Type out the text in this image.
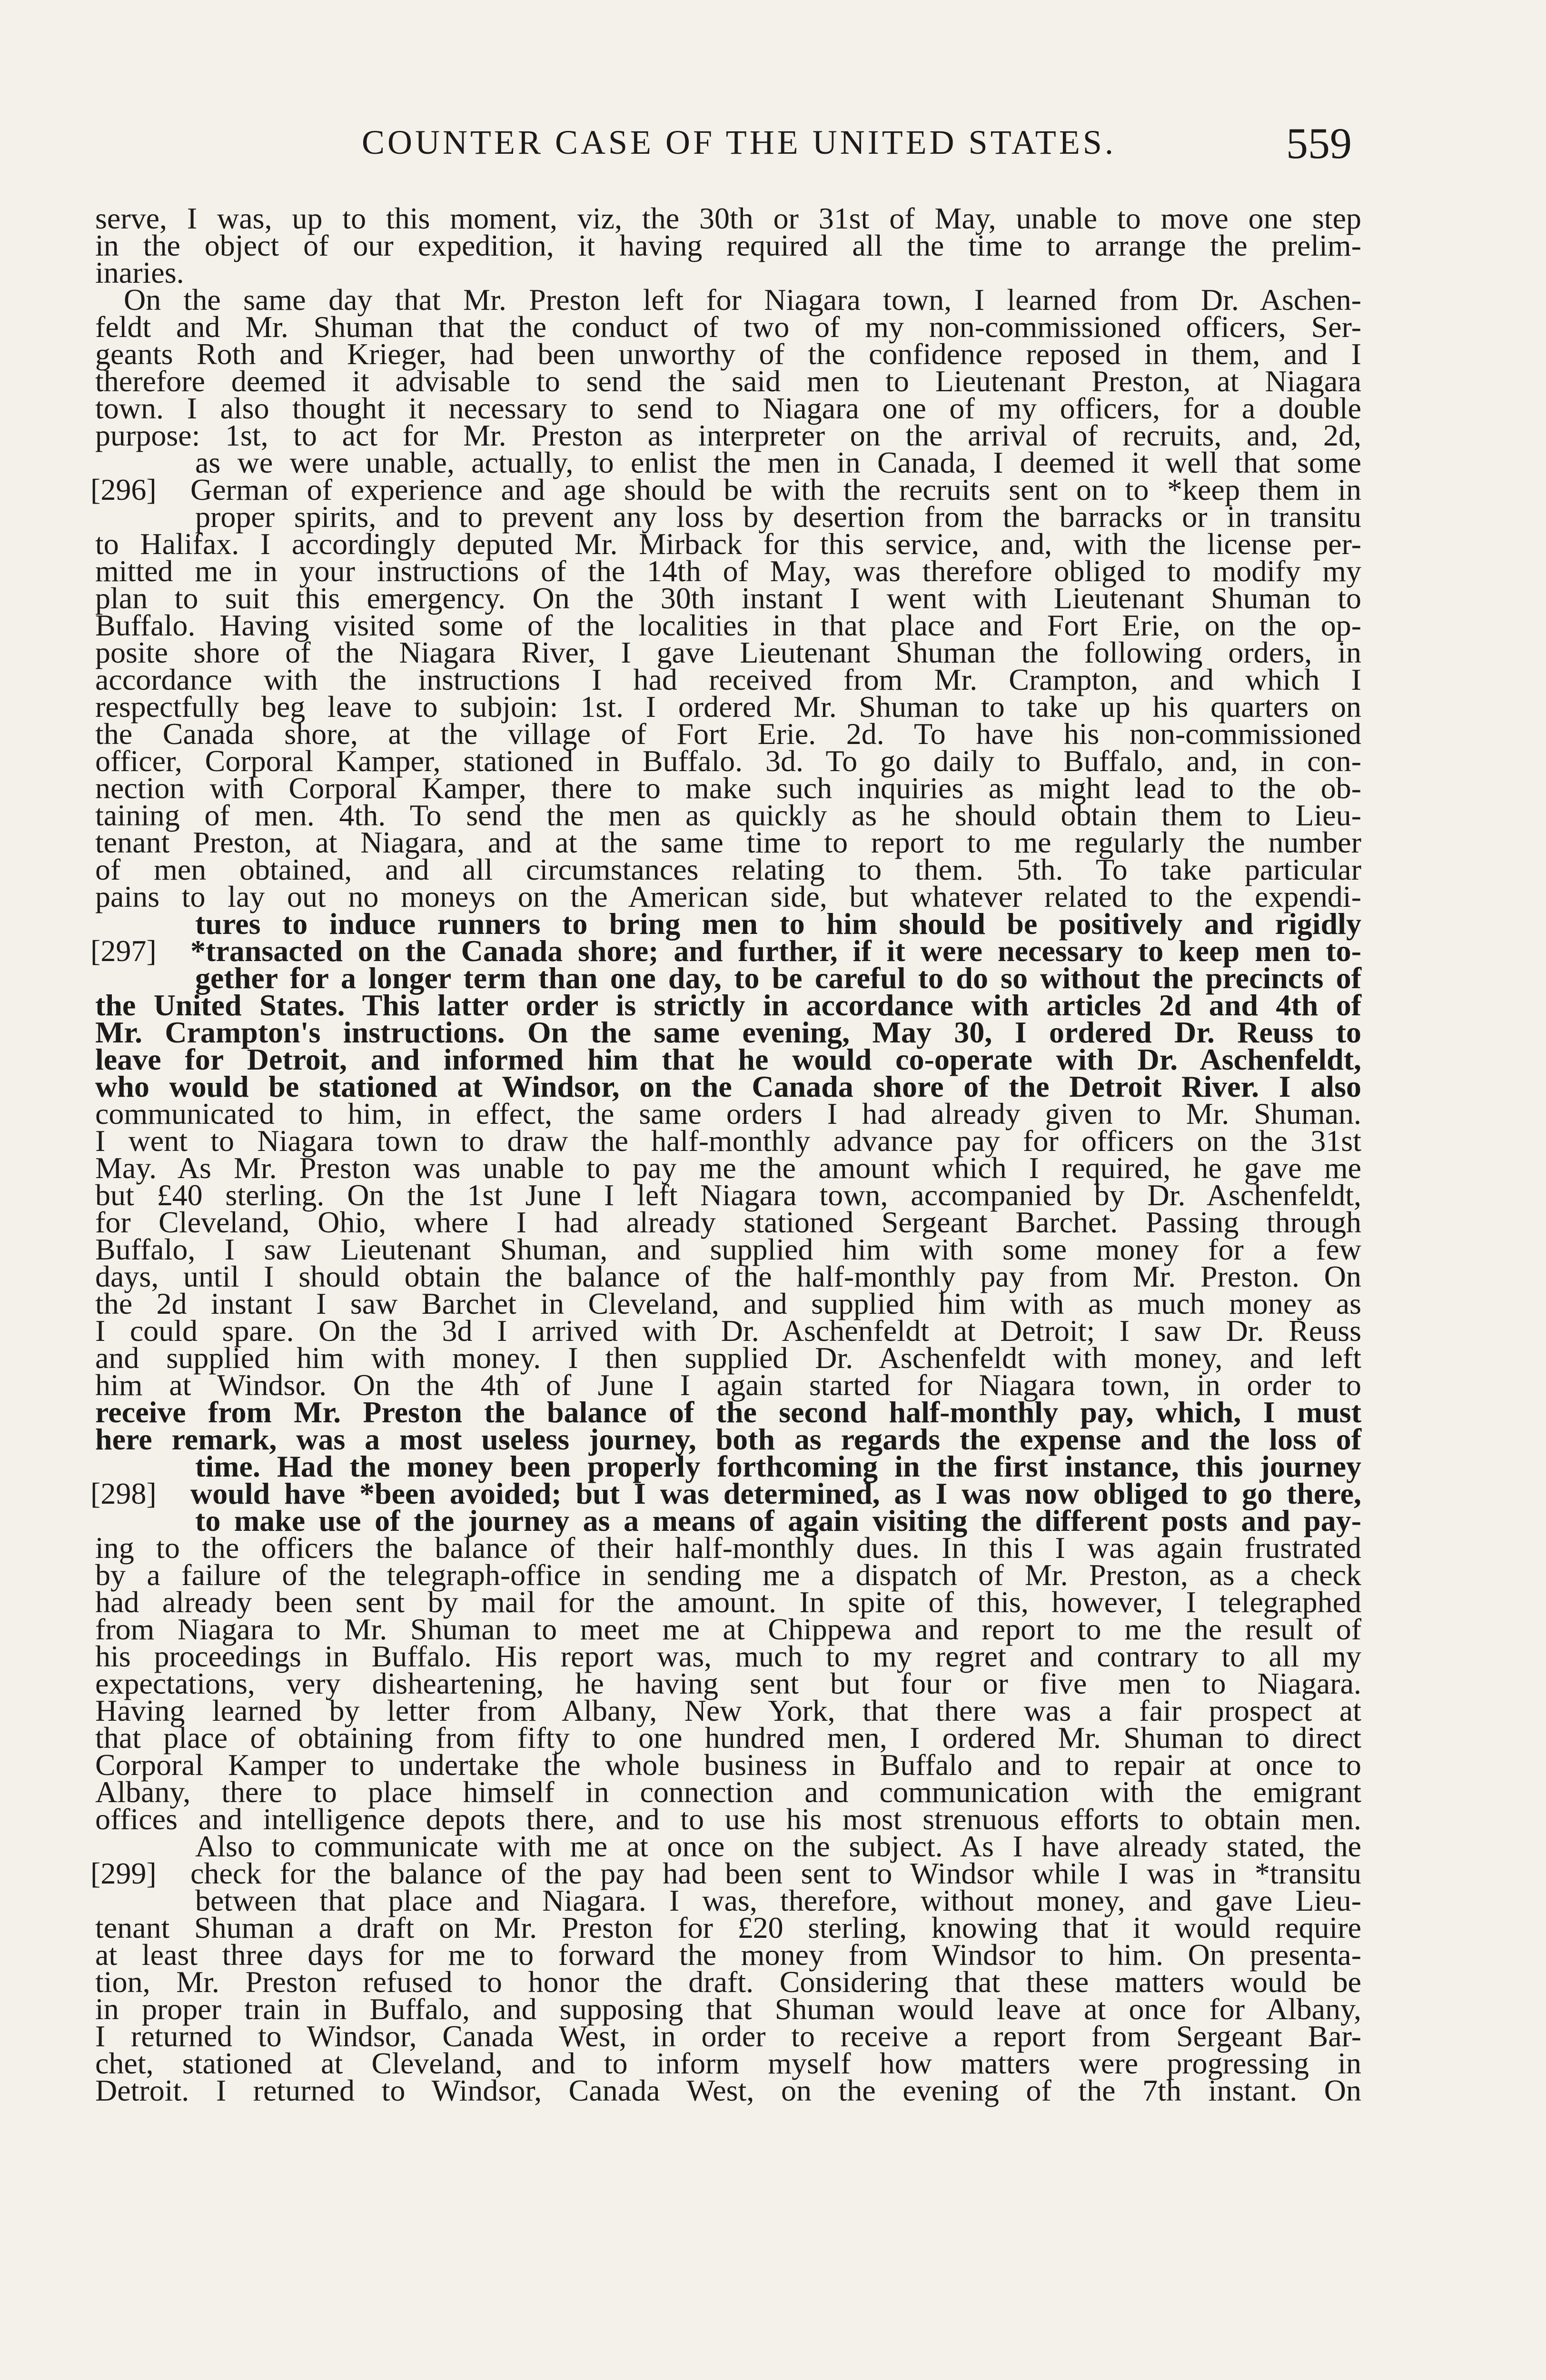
COUNTER CASE OF THE UNITED STATES.	559
serve, I was, up to this moment, viz, the 30th or 31st of May, unable to move one step
in the object of our expedition, it having required all the time to arrange the prelim-
inaries.
On the same day that Mr. Preston left for Niagara town, I learned from Dr. Aschen-
feldt and Mr. Shuman that the conduct of two of my non-commissioned officers, Ser-
geants Roth and Krieger, had been unworthy of the confidence reposed in them, and I
therefore deemed it advisable to send the said men to Lieutenant Preston, at Niagara
town. I also thought it necessary to send to Niagara one of my officers, for a double
purpose: 1st, to act for Mr. Preston as interpreter on the arrival of recruits, and, 2d,
as we were unable, actually, to enlist the men in Canada, I deemed it well that some
[296]	German of experience and age should be with the recruits sent on to *keep them in
proper spirits, and to prevent any loss by desertion from the barracks or in transitu
to Halifax. I accordingly deputed Mr. Mirback for this service, and, with the license per-
mitted me in your instructions of the 14th of May, was therefore obliged to modify my
plan to suit this emergency. On the 30th instant I went with Lieutenant Shuman to
Buffalo. Having visited some of the localities in that place and Fort Erie, on the op-
posite shore of the Niagara River, I gave Lieutenant Shuman the following orders, in
accordance with the instructions I had received from Mr. Crampton, and which I
respectfully beg leave to subjoin: 1st. I ordered Mr. Shuman to take up his quarters on
the Canada shore, at the village of Fort Erie. 2d. To have his non-commissioned
officer, Corporal Kamper, stationed in Buffalo. 3d. To go daily to Buffalo, and, in con-
nection with Corporal Kamper, there to make such inquiries as might lead to the ob-
taining of men. 4th. To send the men as quickly as he should obtain them to Lieu-
tenant Preston, at Niagara, and at the same time to report to me regularly the number
of men obtained, and all circumstances relating to them. 5th. To take particular
pains to lay out no moneys on the American side, but whatever related to the expendi-
tures to induce runners to bring men to him should be positively and rigidly
[297]	*transacted on the Canada shore; and further, if it were necessary to keep men to-
gether for a longer term than one day, to be careful to do so without the precincts of
the United States. This latter order is strictly in accordance with articles 2d and 4th of
Mr. Crampton's instructions. On the same evening, May 30, I ordered Dr. Reuss to
leave for Detroit, and informed him that he would co-operate with Dr. Aschenfeldt,
who would be stationed at Windsor, on the Canada shore of the Detroit River. I also
communicated to him, in effect, the same orders I had already given to Mr. Shuman.
I went to Niagara town to draw the half-monthly advance pay for officers on the 31st
May. As Mr. Preston was unable to pay me the amount which I required, he gave me
but £40 sterling. On the 1st June I left Niagara town, accompanied by Dr. Aschenfeldt,
for Cleveland, Ohio, where I had already stationed Sergeant Barchet. Passing through
Buffalo, I saw Lieutenant Shuman, and supplied him with some money for a few
days, until I should obtain the balance of the half-monthly pay from Mr. Preston. On
the 2d instant I saw Barchet in Cleveland, and supplied him with as much money as
I could spare. On the 3d I arrived with Dr. Aschenfeldt at Detroit; I saw Dr. Reuss
and supplied him with money. I then supplied Dr. Aschenfeldt with money, and left
him at Windsor. On the 4th of June I again started for Niagara town, in order to
receive from Mr. Preston the balance of the second half-monthly pay, which, I must
here remark, was a most useless journey, both as regards the expense and the loss of
time. Had the money been properly forthcoming in the first instance, this journey
[298]	would have *been avoided; but I was determined, as I was now obliged to go there,
to make use of the journey as a means of again visiting the different posts and pay-
ing to the officers the balance of their half-monthly dues. In this I was again frustrated
by a failure of the telegraph-office in sending me a dispatch of Mr. Preston, as a check
had already been sent by mail for the amount. In spite of this, however, I telegraphed
from Niagara to Mr. Shuman to meet me at Chippewa and report to me the result of
his proceedings in Buffalo. His report was, much to my regret and contrary to all my
expectations, very disheartening, he having sent but four or five men to Niagara.
Having learned by letter from Albany, New York, that there was a fair prospect at
that place of obtaining from fifty to one hundred men, I ordered Mr. Shuman to direct
Corporal Kamper to undertake the whole business in Buffalo and to repair at once to
Albany, there to place himself in connection and communication with the emigrant
offices and intelligence depots there, and to use his most strenuous efforts to obtain men.
Also to communicate with me at once on the subject. As I have already stated, the
[299]	check for the balance of the pay had been sent to Windsor while I was in *transitu
between that place and Niagara. I was, therefore, without money, and gave Lieu-
tenant Shuman a draft on Mr. Preston for £20 sterling, knowing that it would require
at least three days for me to forward the money from Windsor to him. On presenta-
tion, Mr. Preston refused to honor the draft. Considering that these matters would be
in proper train in Buffalo, and supposing that Shuman would leave at once for Albany,
I returned to Windsor, Canada West, in order to receive a report from Sergeant Bar-
chet, stationed at Cleveland, and to inform myself how matters were progressing in
Detroit. I returned to Windsor, Canada West, on the evening of the 7th instant. On
